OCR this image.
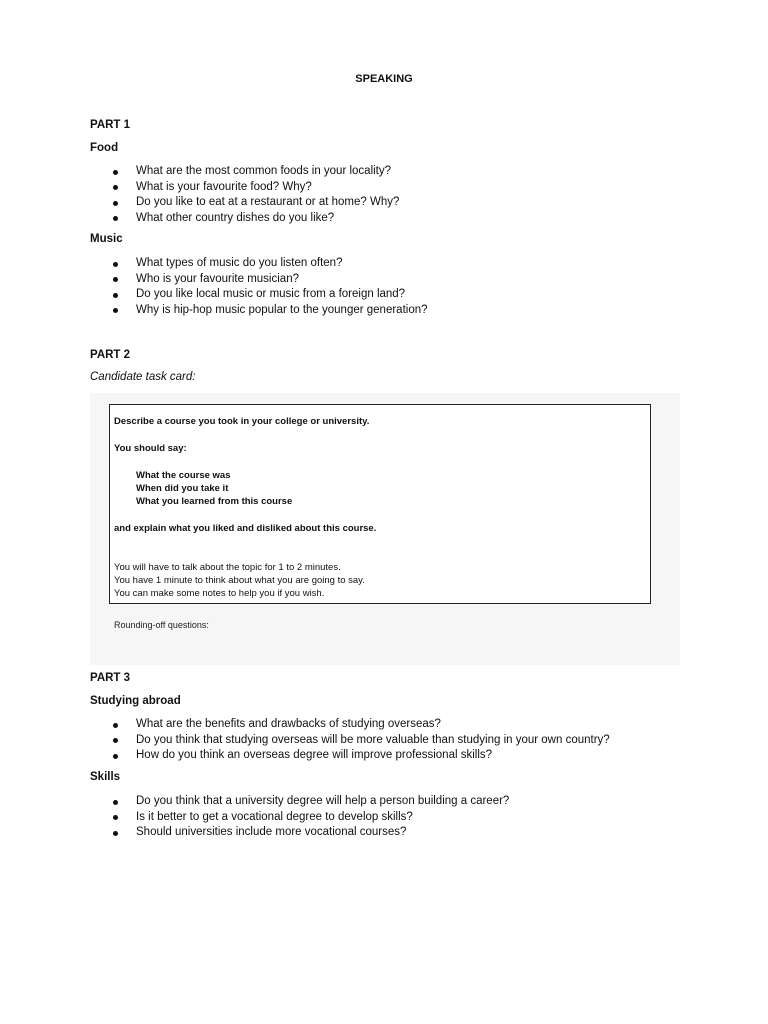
SPEAKING
PART 1
Food
What are the most common foods in your locality?
What is your favourite food? Why?
Do you like to eat at a restaurant or at home? Why?
What other country dishes do you like?
Music
What types of music do you listen often?
Who is your favourite musician?
Do you like local music or music from a foreign land?
Why is hip-hop music popular to the younger generation?
PART 2
Candidate task card:
Describe a course you took in your college or university.
You should say:
What the course was
When did you take it
What you learned from this course
and explain what you liked and disliked about this course.
You will have to talk about the topic for 1 to 2 minutes.
You have 1 minute to think about what you are going to say.
You can make some notes to help you if you wish.
Rounding-off questions:
PART 3
Studying abroad
What are the benefits and drawbacks of studying overseas?
Do you think that studying overseas will be more valuable than studying in your own country?
How do you think an overseas degree will improve professional skills?
Skills
Do you think that a university degree will help a person building a career?
Is it better to get a vocational degree to develop skills?
Should universities include more vocational courses?
